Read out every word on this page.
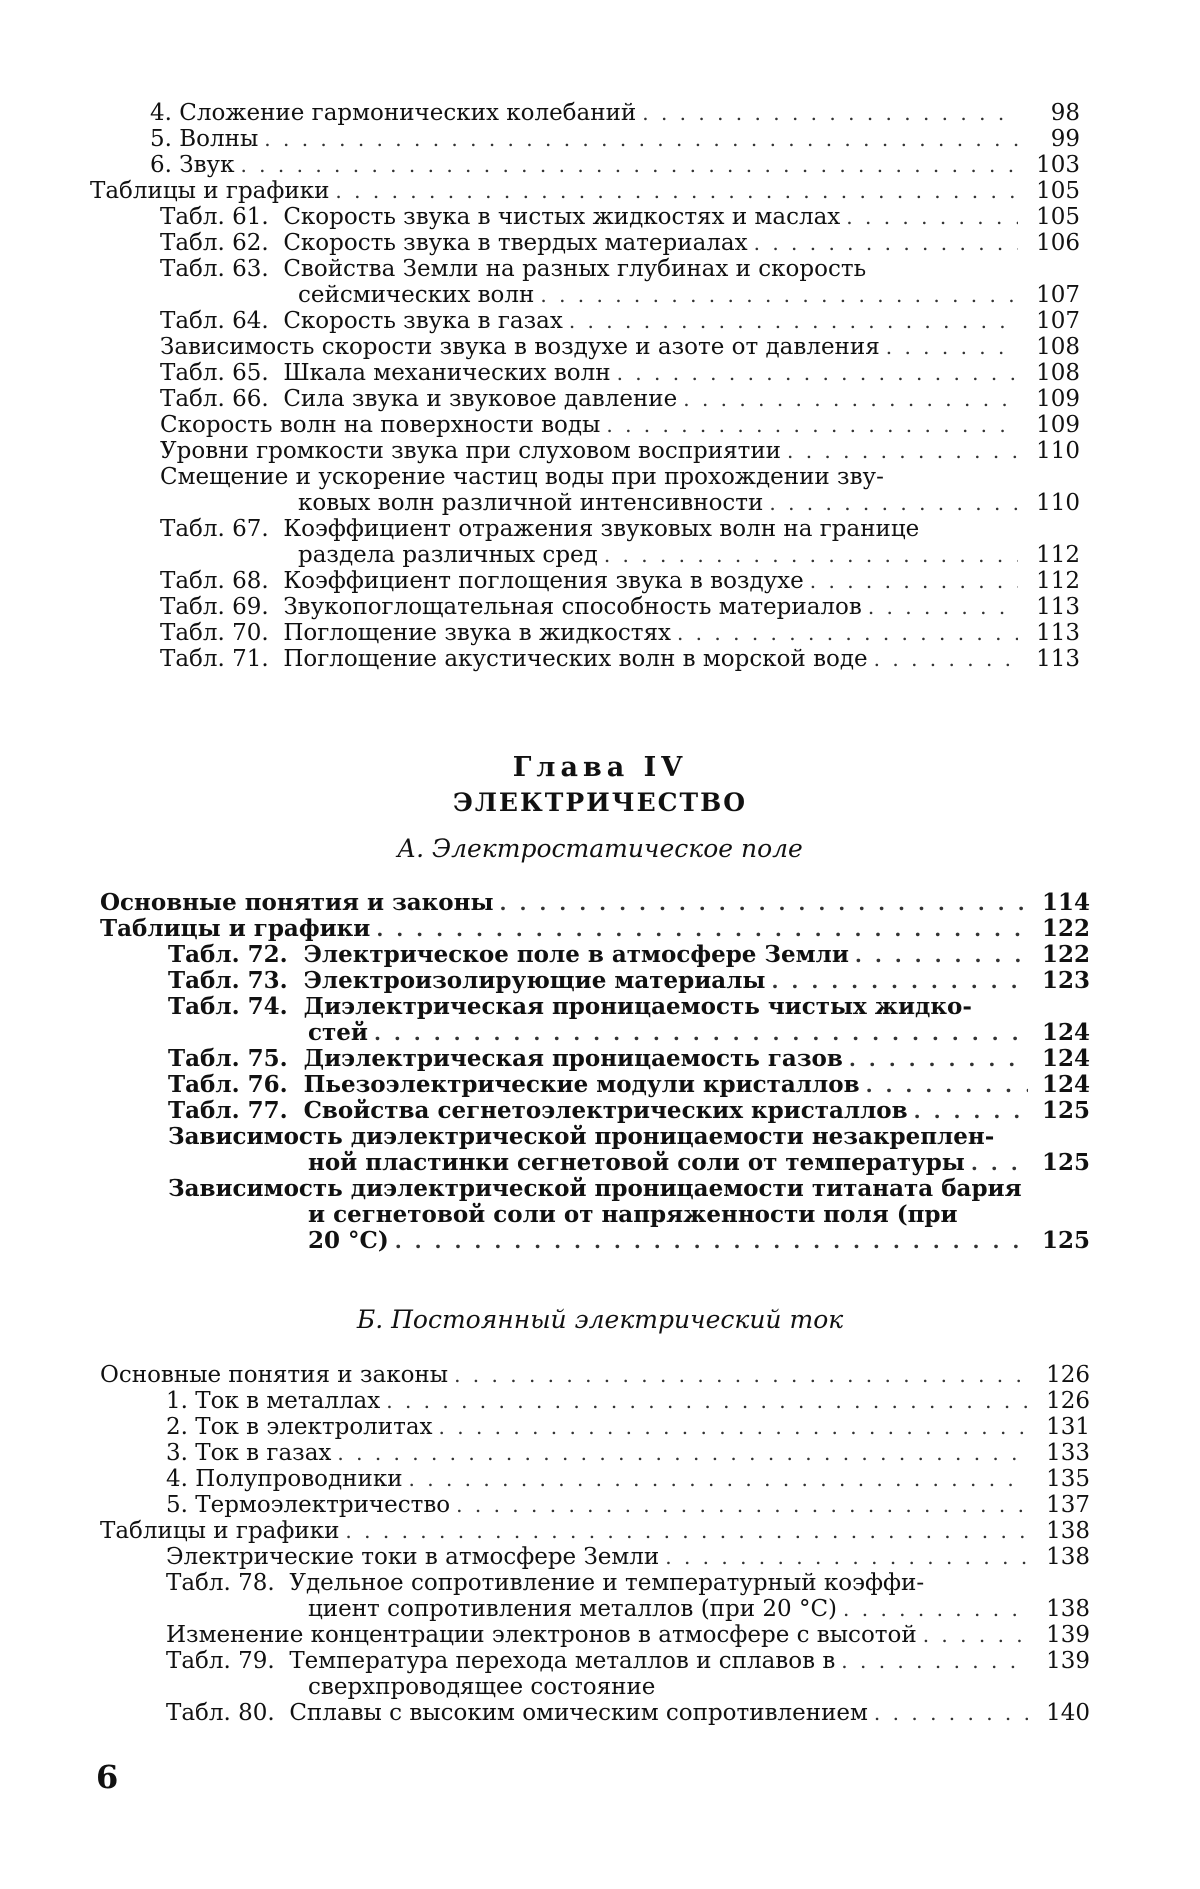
4. Сложение гармонических колебаний . . .	98
5. Волны . . .	99
6. Звук . . .	103
Таблицы и графики . . .	105
Табл. 61.  Скорость звука в чистых жидкостях и маслах . . .	105
Табл. 62.  Скорость звука в твердых материалах . . .	106
Табл. 63.  Свойства Земли на разных глубинах и скорость
сейсмических волн . . .	107
Табл. 64.  Скорость звука в газах . . .	107
Зависимость скорости звука в воздухе и азоте от давления . . .	108
Табл. 65.  Шкала механических волн . . .	108
Табл. 66.  Сила звука и звуковое давление . . .	109
Скорость волн на поверхности воды . . .	109
Уровни громкости звука при слуховом восприятии . . .	110
Смещение и ускорение частиц воды при прохождении зву-
ковых волн различной интенсивности . . .	110
Табл. 67.  Коэффициент отражения звуковых волн на границе
раздела различных сред . . .	112
Табл. 68.  Коэффициент поглощения звука в воздухе . . .	112
Табл. 69.  Звукопоглощательная способность материалов . . .	113
Табл. 70.  Поглощение звука в жидкостях . . .	113
Табл. 71.  Поглощение акустических волн в морской воде . . .	113
Глава IV
ЭЛЕКТРИЧЕСТВО
А. Электростатическое поле
Основные понятия и законы . . .	114
Таблицы и графики . . .	122
Табл. 72.  Электрическое поле в атмосфере Земли . . .	122
Табл. 73.  Электроизолирующие материалы . . .	123
Табл. 74.  Диэлектрическая проницаемость чистых жидко-
стей . . .	124
Табл. 75.  Диэлектрическая проницаемость газов . . .	124
Табл. 76.  Пьезоэлектрические модули кристаллов . . .	124
Табл. 77.  Свойства сегнетоэлектрических кристаллов . . .	125
Зависимость диэлектрической проницаемости незакреплен-
ной пластинки сегнетовой соли от температуры . . .	125
Зависимость диэлектрической проницаемости титаната бария
и сегнетовой соли от напряженности поля (при
20 °C) . . .	125
Б. Постоянный электрический ток
Основные понятия и законы . . .	126
1. Ток в металлах . . .	126
2. Ток в электролитах . . .	131
3. Ток в газах . . .	133
4. Полупроводники . . .	135
5. Термоэлектричество . . .	137
Таблицы и графики . . .	138
Электрические токи в атмосфере Земли . . .	138
Табл. 78.  Удельное сопротивление и температурный коэффи-
циент сопротивления металлов (при 20 °C) . . .	138
Изменение концентрации электронов в атмосфере с высотой . . .	139
Табл. 79.  Температура перехода металлов и сплавов в . . .	139
сверхпроводящее состояние
Табл. 80.  Сплавы с высоким омическим сопротивлением . . .	140
6
